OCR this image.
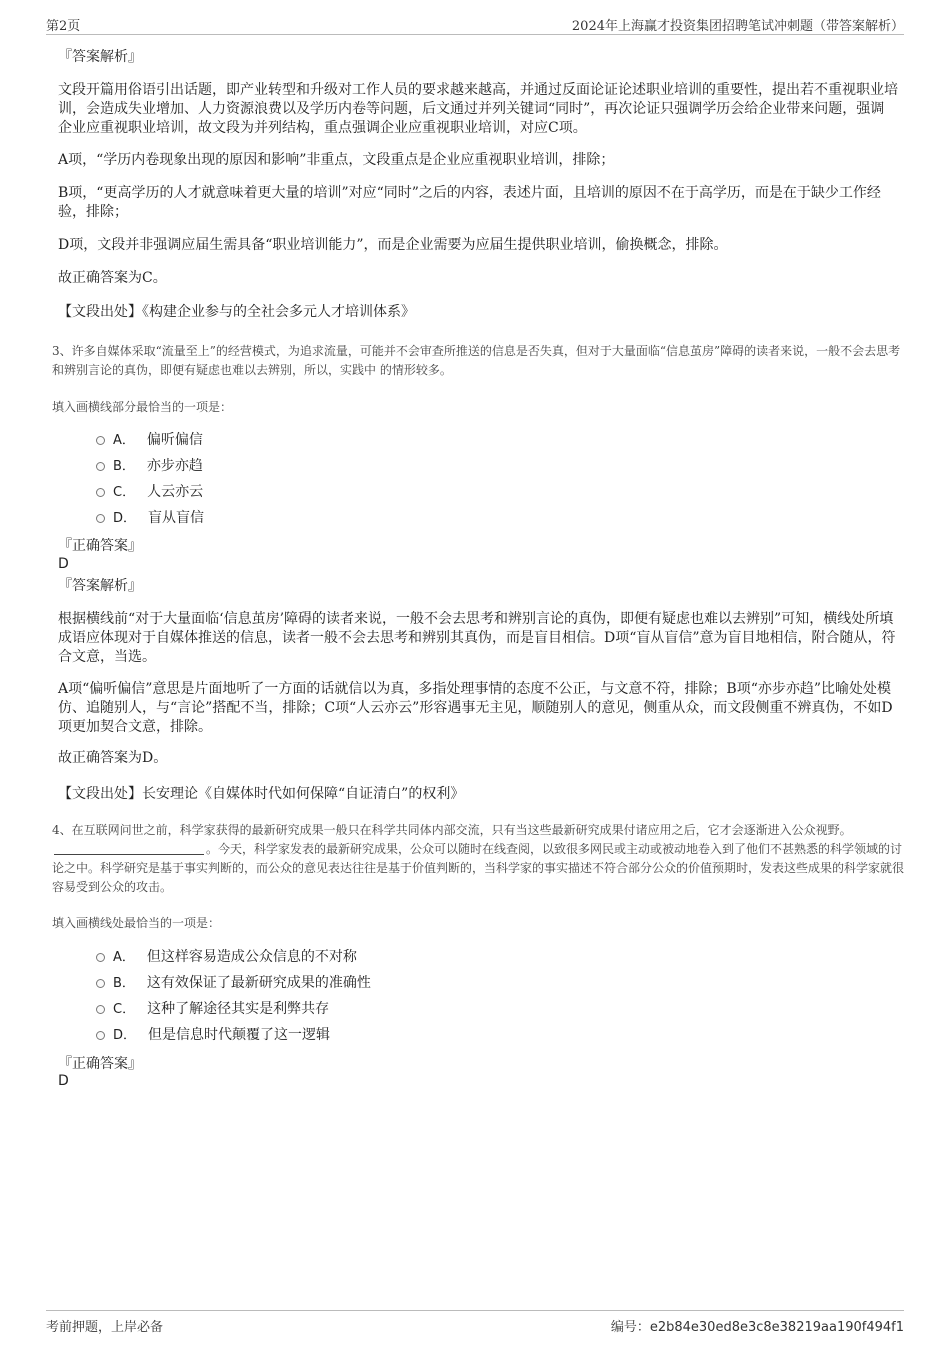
第2页	2024年上海赢才投资集团招聘笔试冲刺题（带答案解析）
『答案解析』
文段开篇用俗语引出话题，即产业转型和升级对工作人员的要求越来越高，并通过反面论证论述职业培训的重要性，提出若不重视职业培训，会造成失业增加、人力资源浪费以及学历内卷等问题，后文通过并列关键词“同时”，再次论证只强调学历会给企业带来问题，强调企业应重视职业培训，故文段为并列结构，重点强调企业应重视职业培训，对应C项。
A项，“学历内卷现象出现的原因和影响”非重点，文段重点是企业应重视职业培训，排除；
B项，“更高学历的人才就意味着更大量的培训”对应“同时”之后的内容，表述片面，且培训的原因不在于高学历，而是在于缺少工作经验，排除；
D项，文段并非强调应届生需具备“职业培训能力”，而是企业需要为应届生提供职业培训，偷换概念，排除。
故正确答案为C。
【文段出处】《构建企业参与的全社会多元人才培训体系》
3、许多自媒体采取“流量至上”的经营模式，为追求流量，可能并不会审查所推送的信息是否失真，但对于大量面临“信息茧房”障碍的读者来说，一般不会去思考和辨别言论的真伪，即便有疑虑也难以去辨别，所以，实践中 的情形较多。
填入画横线部分最恰当的一项是：
A． 偏听偏信
B． 亦步亦趋
C． 人云亦云
D． 盲从盲信
『正确答案』
D
『答案解析』
根据横线前“对于大量面临‘信息茧房’障碍的读者来说，一般不会去思考和辨别言论的真伪，即便有疑虑也难以去辨别”可知，横线处所填成语应体现对于自媒体推送的信息，读者一般不会去思考和辨别其真伪，而是盲目相信。D项“盲从盲信”意为盲目地相信，附合随从，符合文意，当选。
A项“偏听偏信”意思是片面地听了一方面的话就信以为真，多指处理事情的态度不公正，与文意不符，排除；B项“亦步亦趋”比喻处处模仿、追随别人，与“言论”搭配不当，排除；C项“人云亦云”形容遇事无主见，顺随别人的意见，侧重从众，而文段侧重不辨真伪，不如D项更加契合文意，排除。
故正确答案为D。
【文段出处】长安理论《自媒体时代如何保障“自证清白”的权利》
4、在互联网问世之前，科学家获得的最新研究成果一般只在科学共同体内部交流，只有当这些最新研究成果付诸应用之后，它才会逐渐进入公众视野。。今天，科学家发表的最新研究成果，公众可以随时在线查阅，以致很多网民或主动或被动地卷入到了他们不甚熟悉的科学领域的讨论之中。科学研究是基于事实判断的，而公众的意见表达往往是基于价值判断的，当科学家的事实描述不符合部分公众的价值预期时，发表这些成果的科学家就很容易受到公众的攻击。
填入画横线处最恰当的一项是：
A． 但这样容易造成公众信息的不对称
B． 这有效保证了最新研究成果的准确性
C． 这种了解途径其实是利弊共存
D． 但是信息时代颠覆了这一逻辑
『正确答案』
D
考前押题，上岸必备	编号：e2b84e30ed8e3c8e38219aa190f494f1
